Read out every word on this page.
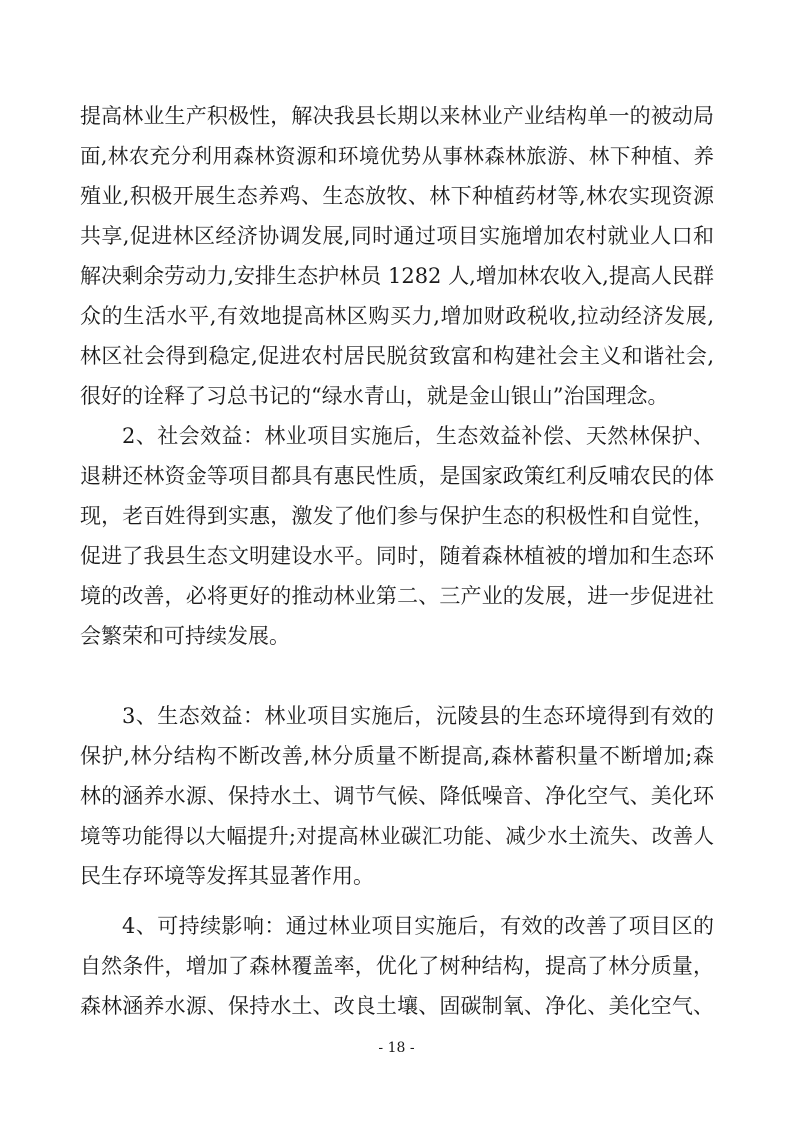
提高林业生产积极性，解决我县长期以来林业产业结构单一的被动局
面,林农充分利用森林资源和环境优势从事林森林旅游、林下种植、养
殖业,积极开展生态养鸡、生态放牧、林下种植药材等,林农实现资源
共享,促进林区经济协调发展,同时通过项目实施增加农村就业人口和
解决剩余劳动力,安排生态护林员 1282 人,增加林农收入,提高人民群
众的生活水平,有效地提高林区购买力,增加财政税收,拉动经济发展,
林区社会得到稳定,促进农村居民脱贫致富和构建社会主义和谐社会,
很好的诠释了习总书记的“绿水青山，就是金山银山”治国理念。
2、社会效益：林业项目实施后，生态效益补偿、天然林保护、
退耕还林资金等项目都具有惠民性质，是国家政策红利反哺农民的体
现，老百姓得到实惠，激发了他们参与保护生态的积极性和自觉性，
促进了我县生态文明建设水平。同时，随着森林植被的增加和生态环
境的改善，必将更好的推动林业第二、三产业的发展，进一步促进社
会繁荣和可持续发展。
3、生态效益：林业项目实施后，沅陵县的生态环境得到有效的
保护,林分结构不断改善,林分质量不断提高,森林蓄积量不断增加;森
林的涵养水源、保持水土、调节气候、降低噪音、净化空气、美化环
境等功能得以大幅提升;对提高林业碳汇功能、减少水土流失、改善人
民生存环境等发挥其显著作用。
4、可持续影响：通过林业项目实施后，有效的改善了项目区的
自然条件，增加了森林覆盖率，优化了树种结构，提高了林分质量，
森林涵养水源、保持水土、改良土壤、固碳制氧、净化、美化空气、
- 18 -
